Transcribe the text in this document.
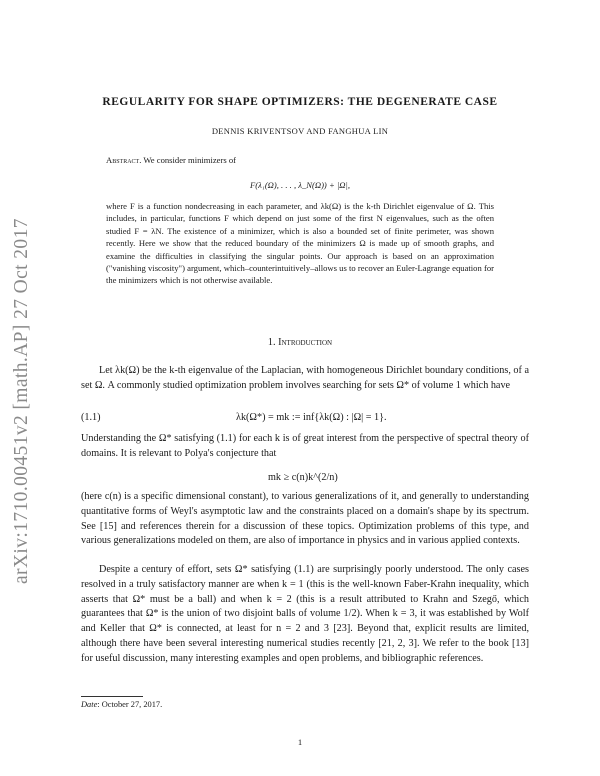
arXiv:1710.00451v2 [math.AP] 27 Oct 2017
REGULARITY FOR SHAPE OPTIMIZERS: THE DEGENERATE CASE
DENNIS KRIVENTSOV AND FANGHUA LIN

Abstract. We consider minimizers of

F(λ₁(Ω), . . . , λ_N(Ω)) + |Ω|,

where F is a function nondecreasing in each parameter, and λk(Ω) is the k-th Dirichlet eigenvalue of Ω. This includes, in particular, functions F which depend on just some of the first N eigenvalues, such as the often studied F = λN. The existence of a minimizer, which is also a bounded set of finite perimeter, was shown recently. Here we show that the reduced boundary of the minimizers Ω is made up of smooth graphs, and examine the difficulties in classifying the singular points. Our approach is based on an approximation ("vanishing viscosity") argument, which–counterintuitively–allows us to recover an Euler-Lagrange equation for the minimizers which is not otherwise available.

1. Introduction

Let λk(Ω) be the k-th eigenvalue of the Laplacian, with homogeneous Dirichlet boundary conditions, of a set Ω. A commonly studied optimization problem involves searching for sets Ω* of volume 1 which have

(1.1)	λk(Ω*) = mk := inf{λk(Ω) : |Ω| = 1}.

Understanding the Ω* satisfying (1.1) for each k is of great interest from the perspective of spectral theory of domains. It is relevant to Polya's conjecture that

mk ≥ c(n)k^(2/n)

(here c(n) is a specific dimensional constant), to various generalizations of it, and generally to understanding quantitative forms of Weyl's asymptotic law and the constraints placed on a domain's shape by its spectrum. See [15] and references therein for a discussion of these topics. Optimization problems of this type, and various generalizations modeled on them, are also of importance in physics and in various applied contexts.

Despite a century of effort, sets Ω* satisfying (1.1) are surprisingly poorly understood. The only cases resolved in a truly satisfactory manner are when k = 1 (this is the well-known Faber-Krahn inequality, which asserts that Ω* must be a ball) and when k = 2 (this is a result attributed to Krahn and Szegő, which guarantees that Ω* is the union of two disjoint balls of volume 1/2). When k = 3, it was established by Wolf and Keller that Ω* is connected, at least for n = 2 and 3 [23]. Beyond that, explicit results are limited, although there have been several interesting numerical studies recently [21, 2, 3]. We refer to the book [13] for useful discussion, many interesting examples and open problems, and bibliographic references.

Date: October 27, 2017.
1
